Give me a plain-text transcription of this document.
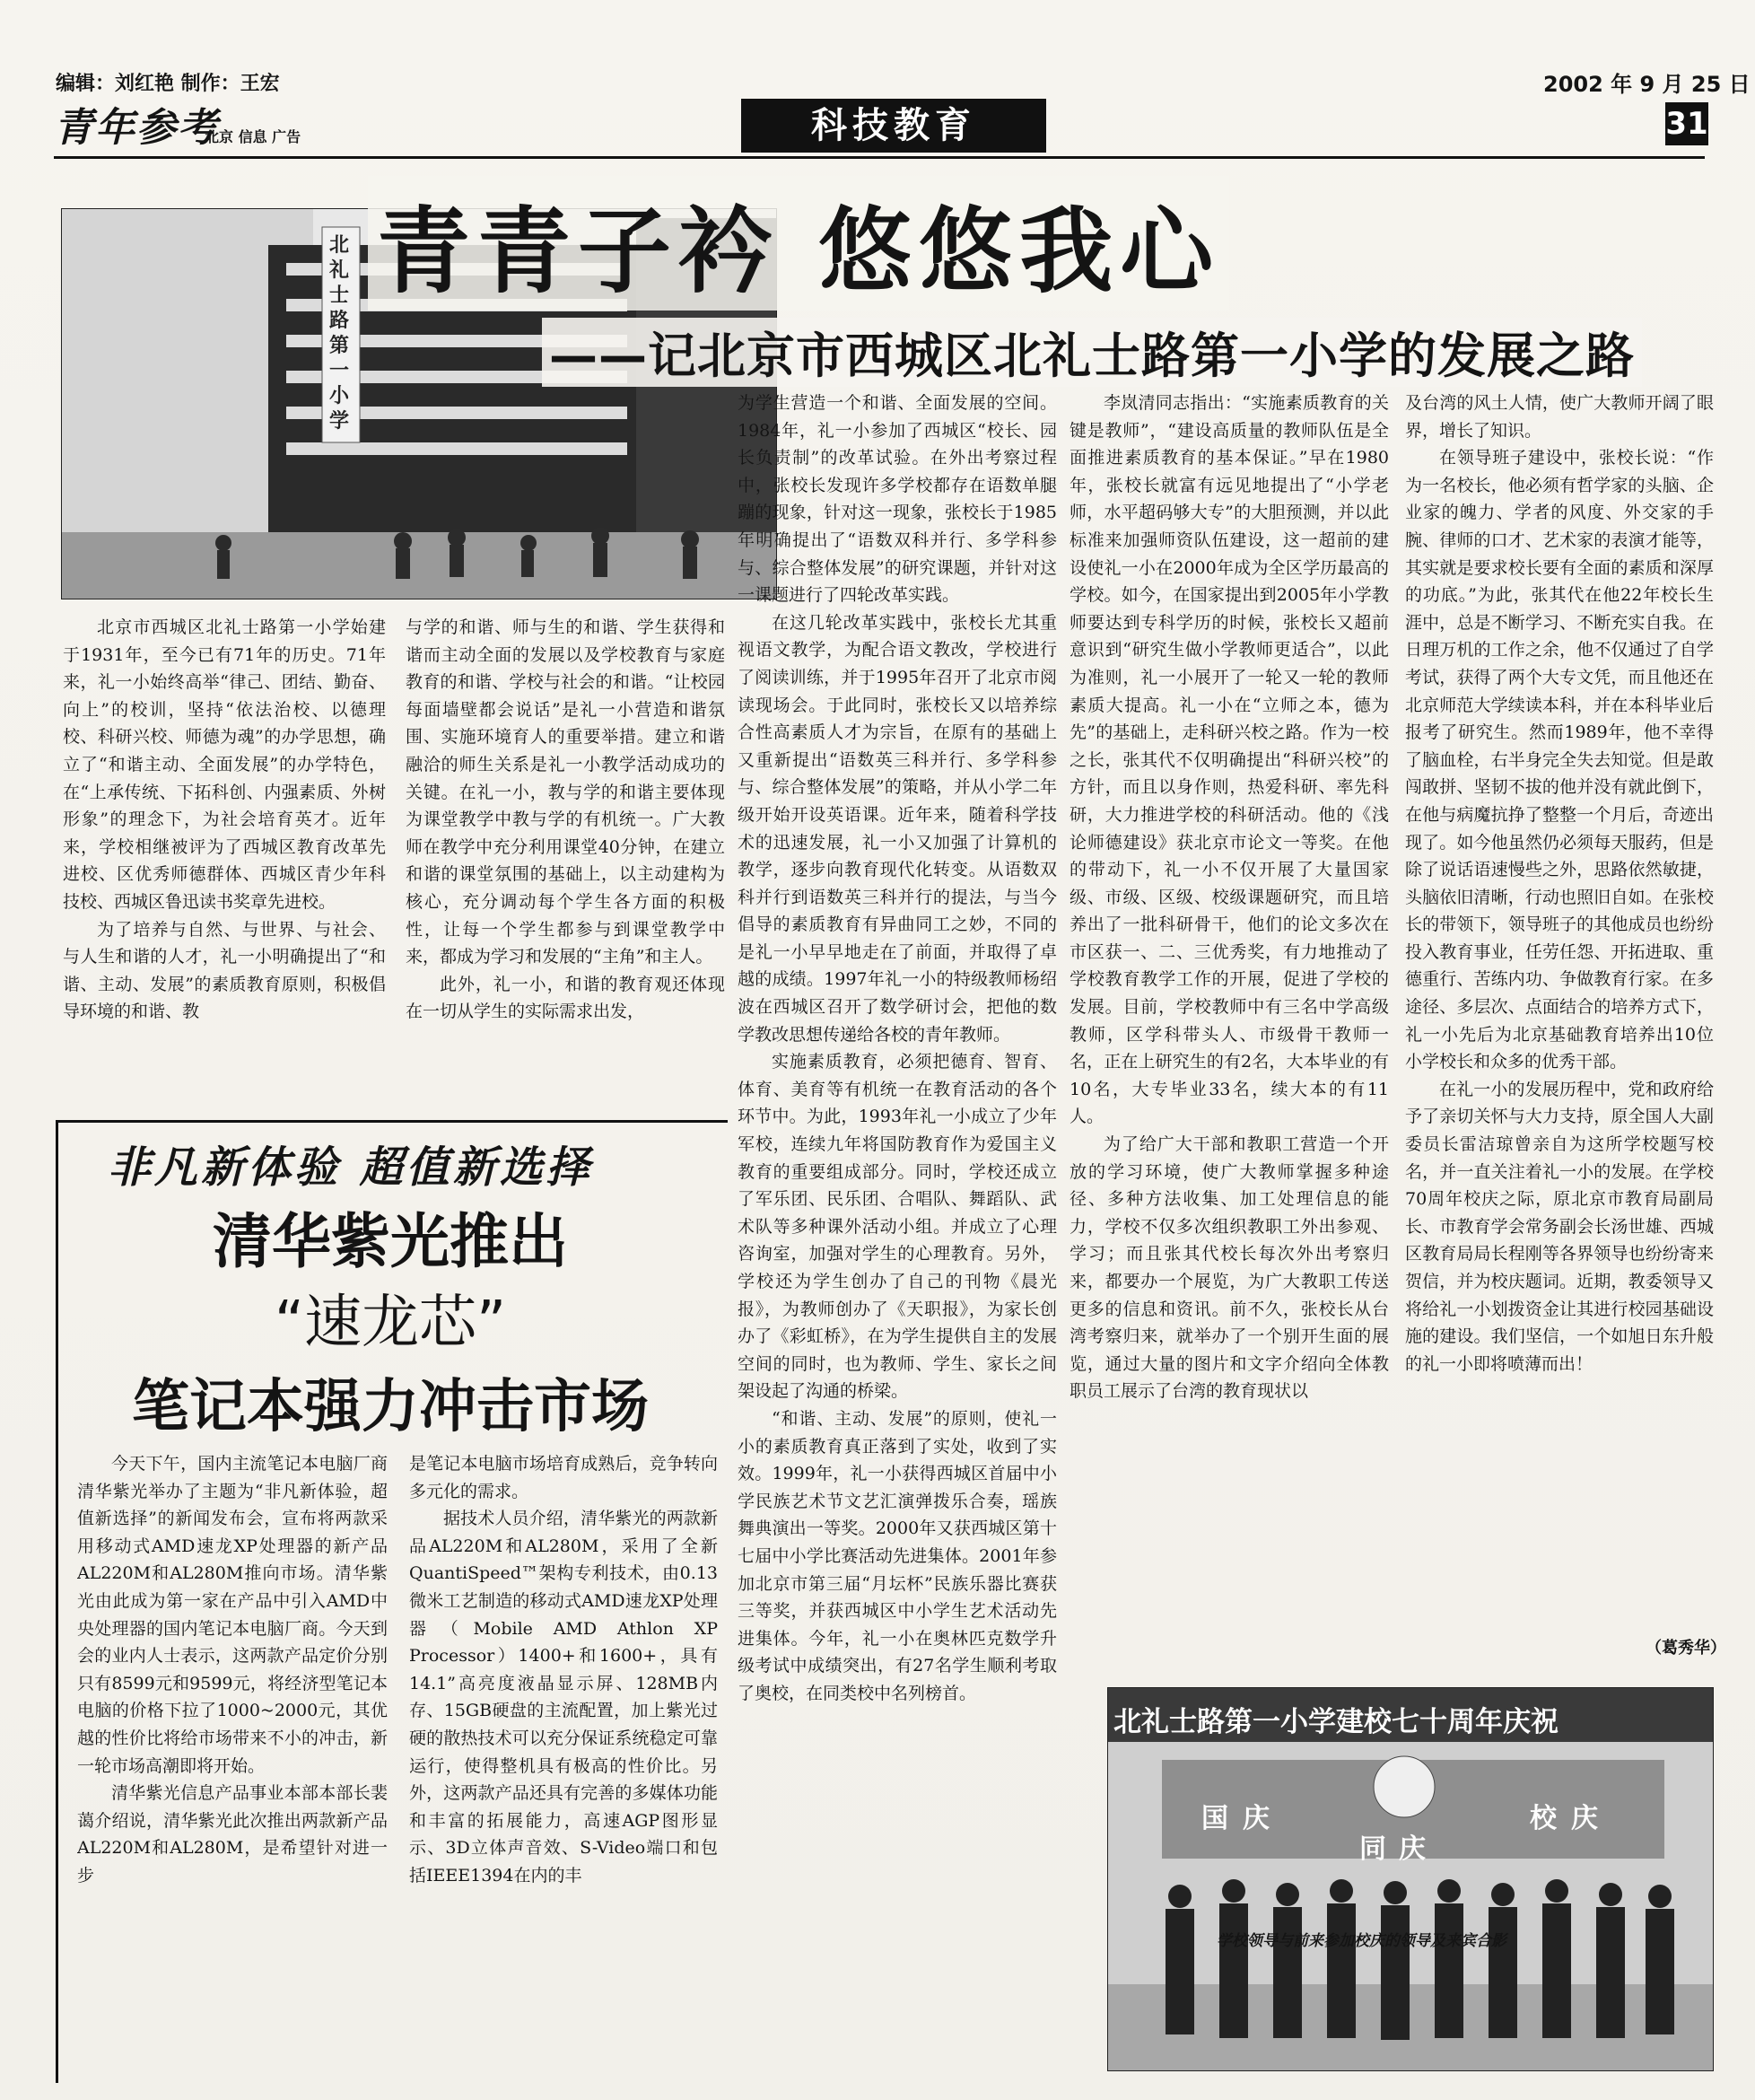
编辑：刘红艳 制作：王宏
青年参考
北京 信息 广告	科技教育
2002 年 9 月 25 日
31
北礼士路第一小学
青青子衿 悠悠我心
——记北京市西城区北礼士路第一小学的发展之路

北京市西城区北礼士路第一小学始建于1931年，至今已有71年的历史。71年来，礼一小始终高举“律己、团结、勤奋、向上”的校训，坚持“依法治校、以德理校、科研兴校、师德为魂”的办学思想，确立了“和谐主动、全面发展”的办学特色，在“上承传统、下拓科创、内强素质、外树形象”的理念下，为社会培育英才。近年来，学校相继被评为了西城区教育改革先进校、区优秀师德群体、西城区青少年科技校、西城区鲁迅读书奖章先进校。

为了培养与自然、与世界、与社会、与人生和谐的人才，礼一小明确提出了“和谐、主动、发展”的素质教育原则，积极倡导环境的和谐、教

与学的和谐、师与生的和谐、学生获得和谐而主动全面的发展以及学校教育与家庭教育的和谐、学校与社会的和谐。“让校园每面墙壁都会说话”是礼一小营造和谐氛围、实施环境育人的重要举措。建立和谐融洽的师生关系是礼一小教学活动成功的关键。在礼一小，教与学的和谐主要体现为课堂教学中教与学的有机统一。广大教师在教学中充分利用课堂40分钟，在建立和谐的课堂氛围的基础上，以主动建构为核心，充分调动每个学生各方面的积极性，让每一个学生都参与到课堂教学中来，都成为学习和发展的“主角”和主人。

此外，礼一小，和谐的教育观还体现在一切从学生的实际需求出发，

为学生营造一个和谐、全面发展的空间。1984年，礼一小参加了西城区“校长、园长负责制”的改革试验。在外出考察过程中，张校长发现许多学校都存在语数单腿蹦的现象，针对这一现象，张校长于1985年明确提出了“语数双科并行、多学科参与、综合整体发展”的研究课题，并针对这一课题进行了四轮改革实践。

在这几轮改革实践中，张校长尤其重视语文教学，为配合语文教改，学校进行了阅读训练，并于1995年召开了北京市阅读现场会。于此同时，张校长又以培养综合性高素质人才为宗旨，在原有的基础上又重新提出“语数英三科并行、多学科参与、综合整体发展”的策略，并从小学二年级开始开设英语课。近年来，随着科学技术的迅速发展，礼一小又加强了计算机的教学，逐步向教育现代化转变。从语数双科并行到语数英三科并行的提法，与当今倡导的素质教育有异曲同工之妙，不同的是礼一小早早地走在了前面，并取得了卓越的成绩。1997年礼一小的特级教师杨绍波在西城区召开了数学研讨会，把他的数学教改思想传递给各校的青年教师。

实施素质教育，必须把德育、智育、体育、美育等有机统一在教育活动的各个环节中。为此，1993年礼一小成立了少年军校，连续九年将国防教育作为爱国主义教育的重要组成部分。同时，学校还成立了军乐团、民乐团、合唱队、舞蹈队、武术队等多种课外活动小组。并成立了心理咨询室，加强对学生的心理教育。另外，学校还为学生创办了自己的刊物《晨光报》，为教师创办了《天职报》，为家长创办了《彩虹桥》，在为学生提供自主的发展空间的同时，也为教师、学生、家长之间架设起了沟通的桥梁。

“和谐、主动、发展”的原则，使礼一小的素质教育真正落到了实处，收到了实效。1999年，礼一小获得西城区首届中小学民族艺术节文艺汇演弹拨乐合奏，瑶族舞典演出一等奖。2000年又获西城区第十七届中小学比赛活动先进集体。2001年参加北京市第三届“月坛杯”民族乐器比赛获三等奖，并获西城区中小学生艺术活动先进集体。今年，礼一小在奥林匹克数学升级考试中成绩突出，有27名学生顺利考取了奥校，在同类校中名列榜首。

李岚清同志指出：“实施素质教育的关键是教师”，“建设高质量的教师队伍是全面推进素质教育的基本保证。”早在1980年，张校长就富有远见地提出了“小学老师，水平超码够大专”的大胆预测，并以此标准来加强师资队伍建设，这一超前的建设使礼一小在2000年成为全区学历最高的学校。如今，在国家提出到2005年小学教师要达到专科学历的时候，张校长又超前意识到“研究生做小学教师更适合”，以此为准则，礼一小展开了一轮又一轮的教师素质大提高。礼一小在“立师之本，德为先”的基础上，走科研兴校之路。作为一校之长，张其代不仅明确提出“科研兴校”的方针，而且以身作则，热爱科研、率先科研，大力推进学校的科研活动。他的《浅论师德建设》获北京市论文一等奖。在他的带动下，礼一小不仅开展了大量国家级、市级、区级、校级课题研究，而且培养出了一批科研骨干，他们的论文多次在市区获一、二、三优秀奖，有力地推动了学校教育教学工作的开展，促进了学校的发展。目前，学校教师中有三名中学高级教师，区学科带头人、市级骨干教师一名，正在上研究生的有2名，大本毕业的有10名，大专毕业33名，续大本的有11人。

为了给广大干部和教职工营造一个开放的学习环境，使广大教师掌握多种途径、多种方法收集、加工处理信息的能力，学校不仅多次组织教职工外出参观、学习；而且张其代校长每次外出考察归来，都要办一个展览，为广大教职工传送更多的信息和资讯。前不久，张校长从台湾考察归来，就举办了一个别开生面的展览，通过大量的图片和文字介绍向全体教职员工展示了台湾的教育现状以

及台湾的风土人情，使广大教师开阔了眼界，增长了知识。

在领导班子建设中，张校长说：“作为一名校长，他必须有哲学家的头脑、企业家的魄力、学者的风度、外交家的手腕、律师的口才、艺术家的表演才能等，其实就是要求校长要有全面的素质和深厚的功底。”为此，张其代在他22年校长生涯中，总是不断学习、不断充实自我。在日理万机的工作之余，他不仅通过了自学考试，获得了两个大专文凭，而且他还在北京师范大学续读本科，并在本科毕业后报考了研究生。然而1989年，他不幸得了脑血栓，右半身完全失去知觉。但是敢闯敢拼、坚韧不拔的他并没有就此倒下，在他与病魔抗挣了整整一个月后，奇迹出现了。如今他虽然仍必须每天服药，但是除了说话语速慢些之外，思路依然敏捷，头脑依旧清晰，行动也照旧自如。在张校长的带领下，领导班子的其他成员也纷纷投入教育事业，任劳任怨、开拓进取、重德重行、苦练内功、争做教育行家。在多途径、多层次、点面结合的培养方式下，礼一小先后为北京基础教育培养出10位小学校长和众多的优秀干部。

在礼一小的发展历程中，党和政府给予了亲切关怀与大力支持，原全国人大副委员长雷洁琼曾亲自为这所学校题写校名，并一直关注着礼一小的发展。在学校70周年校庆之际，原北京市教育局副局长、市教育学会常务副会长汤世雄、西城区教育局局长程刚等各界领导也纷纷寄来贺信，并为校庆题词。近期，教委领导又将给礼一小划拨资金让其进行校园基础设施的建设。我们坚信，一个如旭日东升般的礼一小即将喷薄而出！

（葛秀华）
非凡新体验 超值新选择
清华紫光推出
“速龙芯”
笔记本强力冲击市场

今天下午，国内主流笔记本电脑厂商清华紫光举办了主题为“非凡新体验，超值新选择”的新闻发布会，宣布将两款采用移动式AMD速龙XP处理器的新产品AL220M和AL280M推向市场。清华紫光由此成为第一家在产品中引入AMD中央处理器的国内笔记本电脑厂商。今天到会的业内人士表示，这两款产品定价分别只有8599元和9599元，将经济型笔记本电脑的价格下拉了1000~2000元，其优越的性价比将给市场带来不小的冲击，新一轮市场高潮即将开始。

清华紫光信息产品事业本部本部长裴蔼介绍说，清华紫光此次推出两款新产品AL220M和AL280M，是希望针对进一步

是笔记本电脑市场培育成熟后，竞争转向多元化的需求。

据技术人员介绍，清华紫光的两款新品AL220M和AL280M，采用了全新QuantiSpeed™架构专利技术，由0.13微米工艺制造的移动式AMD速龙XP处理器（Mobile AMD Athlon XP Processor）1400+和1600+，具有14.1”高亮度液晶显示屏、128MB内存、15GB硬盘的主流配置，加上紫光过硬的散热技术可以充分保证系统稳定可靠运行，使得整机具有极高的性价比。另外，这两款产品还具有完善的多媒体功能和丰富的拓展能力，高速AGP图形显示、3D立体声音效、S-Video端口和包括IEEE1394在内的丰

北礼士路第一小学建校七十周年庆祝
国庆
同庆
校庆
学校领导与前来参加校庆的领导及来宾合影
